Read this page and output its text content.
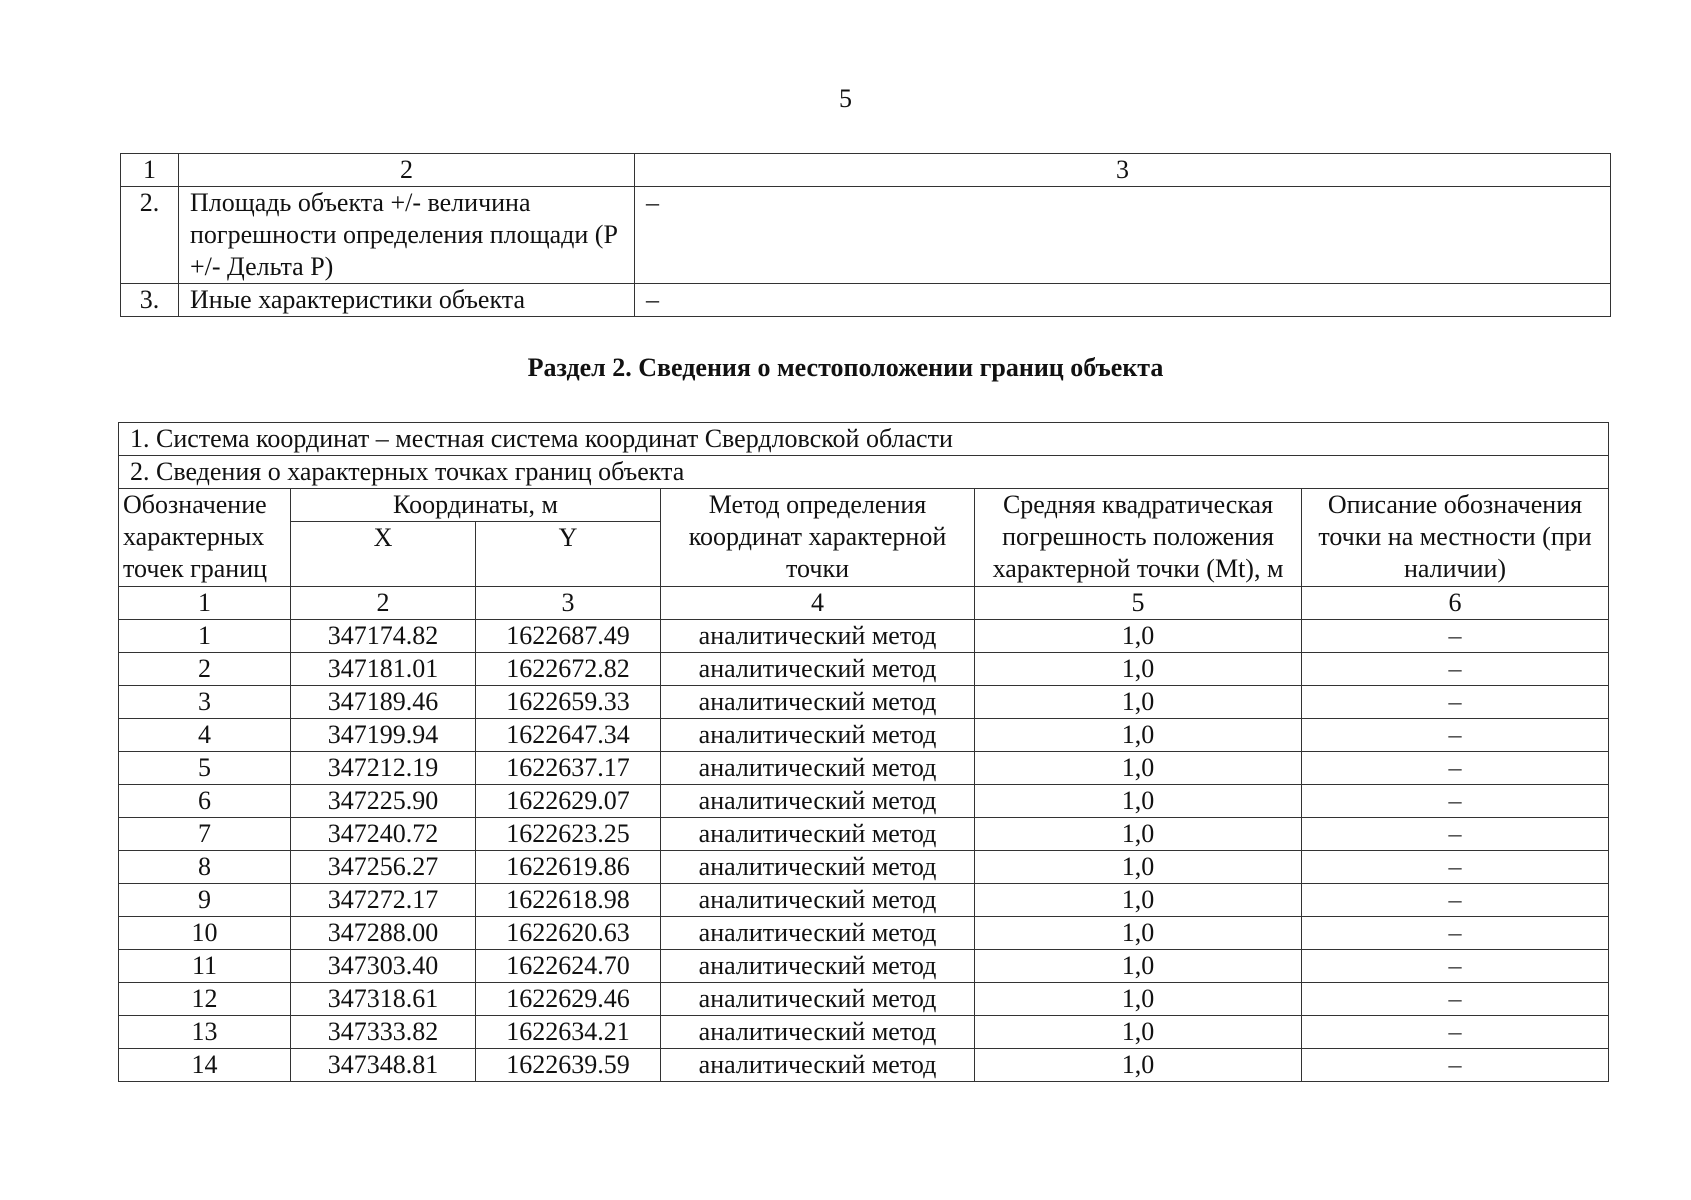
5
1	2	3
2.	Площадь объекта +/- величина погрешности определения площади (Р +/- Дельта Р)	–
3.	Иные характеристики объекта	–
Раздел 2. Сведения о местоположении границ объекта
1. Система координат – местная система координат Свердловской области					
2. Сведения о характерных точках границ объекта					
Обозначение характерных точек границ	Координаты, м		Метод определения координат характерной точки	Средняя квадратическая погрешность положения характерной точки (Mt), м	Описание обозначения точки на местности (при наличии)
	X	Y			
1	2	3	4	5	6
1	347174.82	1622687.49	аналитический метод	1,0	–
2	347181.01	1622672.82	аналитический метод	1,0	–
3	347189.46	1622659.33	аналитический метод	1,0	–
4	347199.94	1622647.34	аналитический метод	1,0	–
5	347212.19	1622637.17	аналитический метод	1,0	–
6	347225.90	1622629.07	аналитический метод	1,0	–
7	347240.72	1622623.25	аналитический метод	1,0	–
8	347256.27	1622619.86	аналитический метод	1,0	–
9	347272.17	1622618.98	аналитический метод	1,0	–
10	347288.00	1622620.63	аналитический метод	1,0	–
11	347303.40	1622624.70	аналитический метод	1,0	–
12	347318.61	1622629.46	аналитический метод	1,0	–
13	347333.82	1622634.21	аналитический метод	1,0	–
14	347348.81	1622639.59	аналитический метод	1,0	–
